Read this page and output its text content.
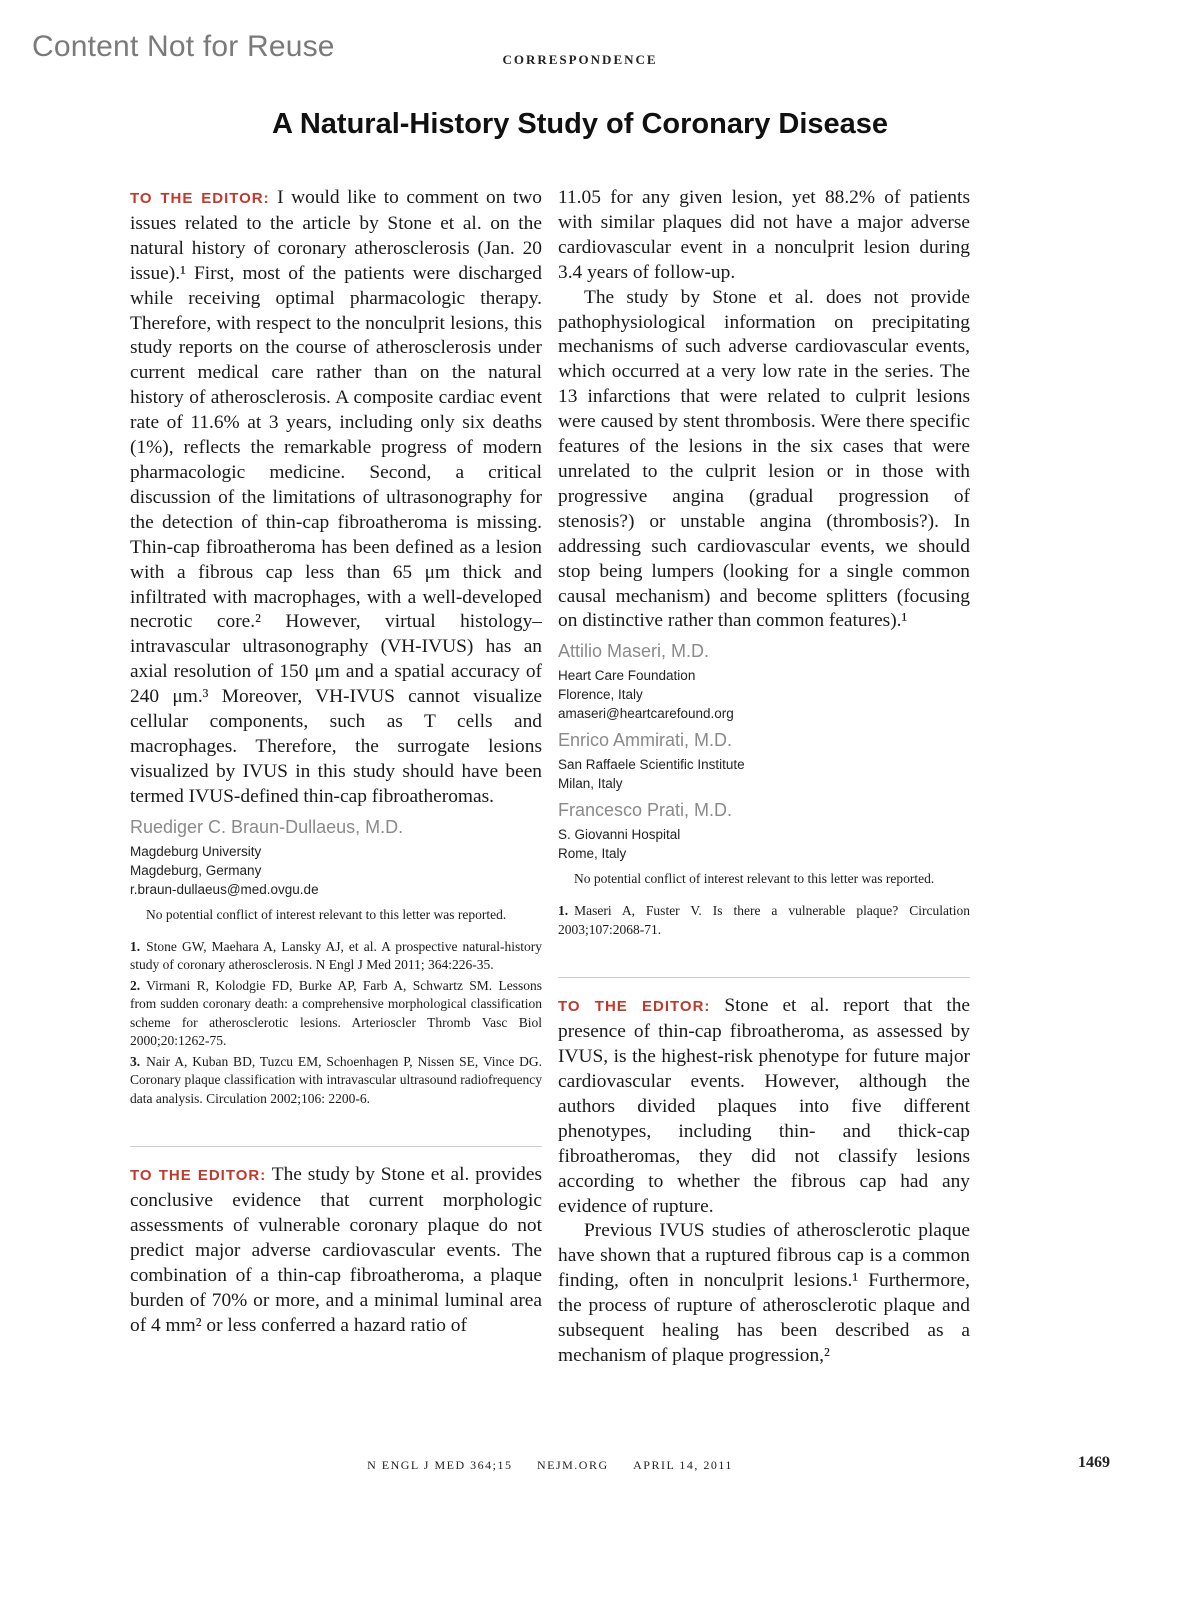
Content Not for Reuse	CORRESPONDENCE
A Natural-History Study of Coronary Disease

TO THE EDITOR: I would like to comment on two issues related to the article by Stone et al. on the natural history of coronary atherosclerosis (Jan. 20 issue).¹ First, most of the patients were discharged while receiving optimal pharmacologic therapy. Therefore, with respect to the nonculprit lesions, this study reports on the course of atherosclerosis under current medical care rather than on the natural history of atherosclerosis. A composite cardiac event rate of 11.6% at 3 years, including only six deaths (1%), reflects the remarkable progress of modern pharmacologic medicine. Second, a critical discussion of the limitations of ultrasonography for the detection of thin-cap fibroatheroma is missing. Thin-cap fibroatheroma has been defined as a lesion with a fibrous cap less than 65 μm thick and infiltrated with macrophages, with a well-developed necrotic core.² However, virtual histology–intravascular ultrasonography (VH-IVUS) has an axial resolution of 150 μm and a spatial accuracy of 240 μm.³ Moreover, VH-IVUS cannot visualize cellular components, such as T cells and macrophages. Therefore, the surrogate lesions visualized by IVUS in this study should have been termed IVUS-defined thin-cap fibroatheromas.

Ruediger C. Braun-Dullaeus, M.D.

Magdeburg University

Magdeburg, Germany

r.braun-dullaeus@med.ovgu.de

No potential conflict of interest relevant to this letter was reported.

1. Stone GW, Maehara A, Lansky AJ, et al. A prospective natural-history study of coronary atherosclerosis. N Engl J Med 2011; 364:226-35.
2. Virmani R, Kolodgie FD, Burke AP, Farb A, Schwartz SM. Lessons from sudden coronary death: a comprehensive morphological classification scheme for atherosclerotic lesions. Arterioscler Thromb Vasc Biol 2000;20:1262-75.
3. Nair A, Kuban BD, Tuzcu EM, Schoenhagen P, Nissen SE, Vince DG. Coronary plaque classification with intravascular ultrasound radiofrequency data analysis. Circulation 2002;106: 2200-6.

TO THE EDITOR: The study by Stone et al. provides conclusive evidence that current morphologic assessments of vulnerable coronary plaque do not predict major adverse cardiovascular events. The combination of a thin-cap fibroatheroma, a plaque burden of 70% or more, and a minimal luminal area of 4 mm² or less conferred a hazard ratio of

11.05 for any given lesion, yet 88.2% of patients with similar plaques did not have a major adverse cardiovascular event in a nonculprit lesion during 3.4 years of follow-up.

The study by Stone et al. does not provide pathophysiological information on precipitating mechanisms of such adverse cardiovascular events, which occurred at a very low rate in the series. The 13 infarctions that were related to culprit lesions were caused by stent thrombosis. Were there specific features of the lesions in the six cases that were unrelated to the culprit lesion or in those with progressive angina (gradual progression of stenosis?) or unstable angina (thrombosis?). In addressing such cardiovascular events, we should stop being lumpers (looking for a single common causal mechanism) and become splitters (focusing on distinctive rather than common features).¹

Attilio Maseri, M.D.

Heart Care Foundation

Florence, Italy

amaseri@heartcarefound.org

Enrico Ammirati, M.D.

San Raffaele Scientific Institute

Milan, Italy

Francesco Prati, M.D.

S. Giovanni Hospital

Rome, Italy

No potential conflict of interest relevant to this letter was reported.

1. Maseri A, Fuster V. Is there a vulnerable plaque? Circulation 2003;107:2068-71.

TO THE EDITOR: Stone et al. report that the presence of thin-cap fibroatheroma, as assessed by IVUS, is the highest-risk phenotype for future major cardiovascular events. However, although the authors divided plaques into five different phenotypes, including thin- and thick-cap fibroatheromas, they did not classify lesions according to whether the fibrous cap had any evidence of rupture.

Previous IVUS studies of atherosclerotic plaque have shown that a ruptured fibrous cap is a common finding, often in nonculprit lesions.¹ Furthermore, the process of rupture of atherosclerotic plaque and subsequent healing has been described as a mechanism of plaque progression,²

N ENGL J MED 364;15 NEJM.ORG APRIL 14, 2011	1469
